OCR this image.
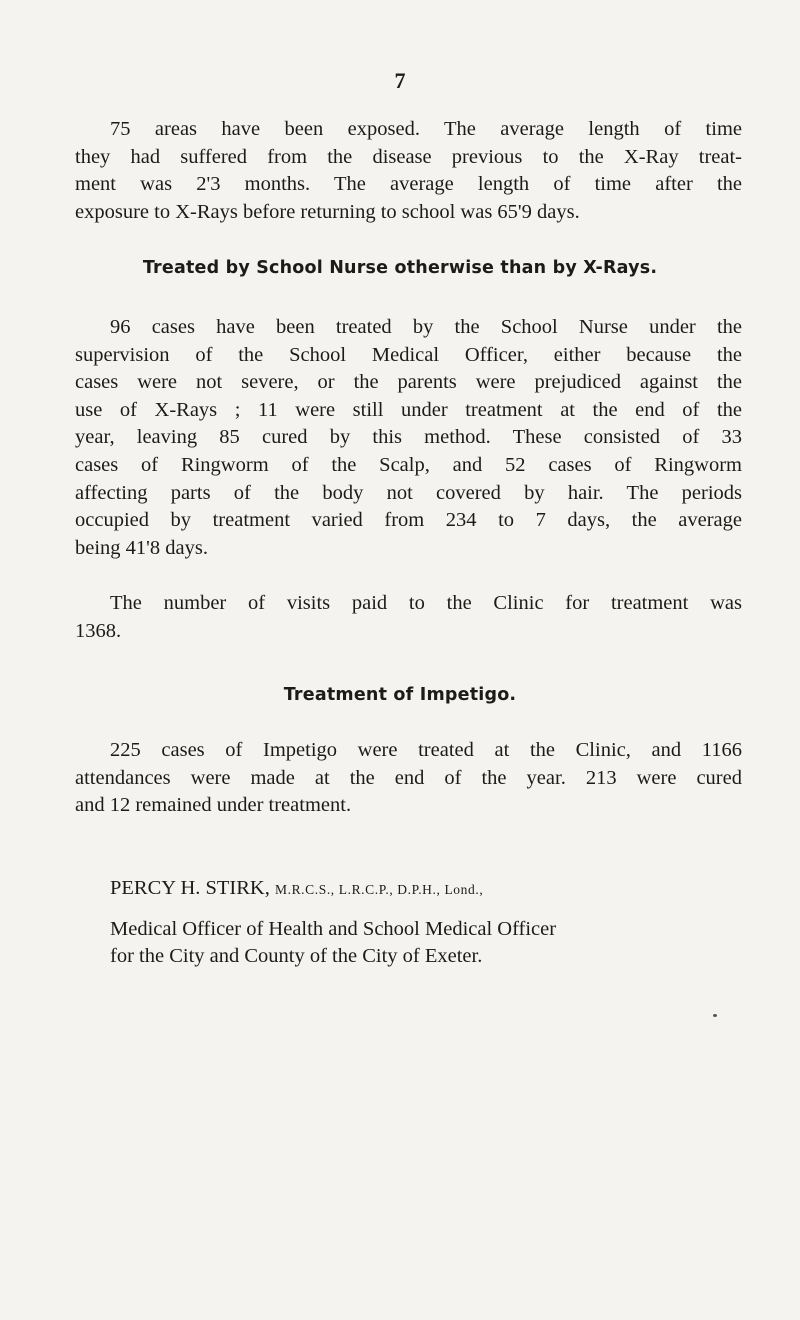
7

75 areas have been exposed. The average length of time
they had suffered from the disease previous to the X-Ray treat-
ment was 2'3 months. The average length of time after the
exposure to X-Rays before returning to school was 65'9 days.

Treated by School Nurse otherwise than by X-Rays.

96 cases have been treated by the School Nurse under the
supervision of the School Medical Officer, either because the
cases were not severe, or the parents were prejudiced against the
use of X-Rays ; 11 were still under treatment at the end of the
year, leaving 85 cured by this method. These consisted of 33
cases of Ringworm of the Scalp, and 52 cases of Ringworm
affecting parts of the body not covered by hair. The periods
occupied by treatment varied from 234 to 7 days, the average
being 41'8 days.

The number of visits paid to the Clinic for treatment was
1368.

Treatment of Impetigo.

225 cases of Impetigo were treated at the Clinic, and 1166
attendances were made at the end of the year. 213 were cured
and 12 remained under treatment.

PERCY H. STIRK, M.R.C.S., L.R.C.P., D.P.H., Lond.,
Medical Officer of Health and School Medical Officer
for the City and County of the City of Exeter.
